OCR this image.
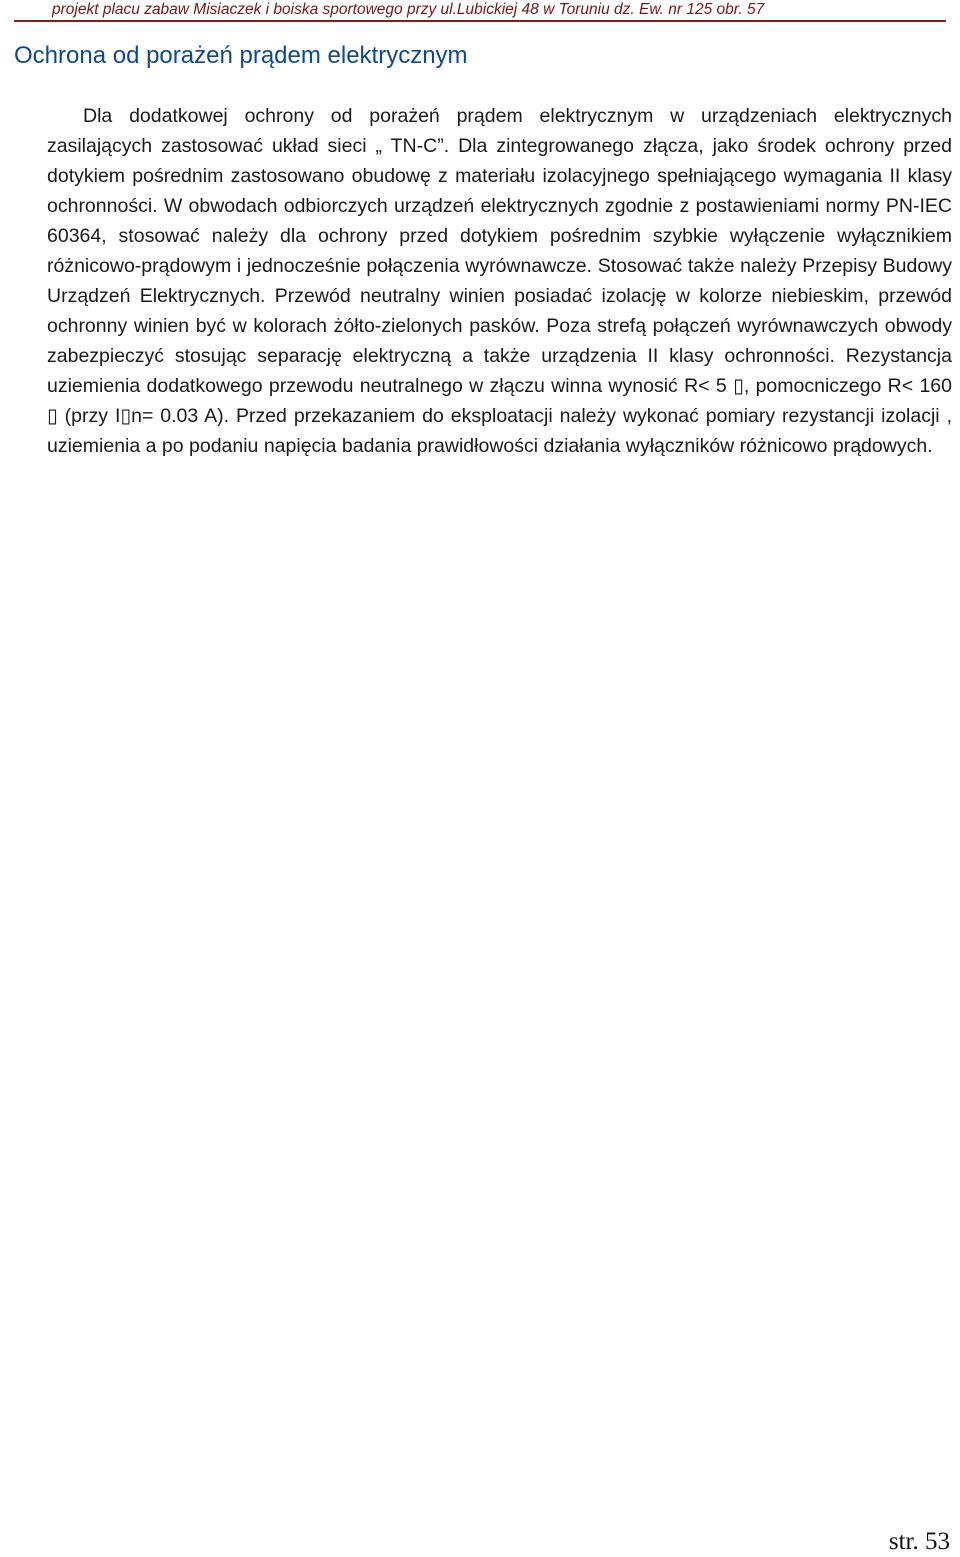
projekt placu zabaw Misiaczek i boiska sportowego przy ul.Lubickiej 48 w Toruniu dz. Ew. nr 125 obr. 57
Ochrona od porażeń prądem elektrycznym

Dla dodatkowej ochrony od porażeń prądem elektrycznym w urządzeniach elektrycznych zasilających zastosować układ sieci „ TN-C”. Dla zintegrowanego złącza, jako środek ochrony przed dotykiem pośrednim zastosowano obudowę z materiału izolacyjnego spełniającego wymagania II klasy ochronności. W obwodach odbiorczych urządzeń elektrycznych zgodnie z postawieniami normy PN-IEC 60364, stosować należy dla ochrony przed dotykiem pośrednim szybkie wyłączenie wyłącznikiem różnicowo-prądowym i jednocześnie połączenia wyrównawcze. Stosować także należy Przepisy Budowy Urządzeń Elektrycznych. Przewód neutralny winien posiadać izolację w kolorze niebieskim, przewód ochronny winien być w kolorach żółto-zielonych pasków. Poza strefą połączeń wyrównawczych obwody zabezpieczyć stosując separację elektryczną a także urządzenia II klasy ochronności. Rezystancja uziemienia dodatkowego przewodu neutralnego w złączu winna wynosić R< 5 ▯, pomocniczego R< 160 ▯ (przy I▯n= 0.03 A). Przed przekazaniem do eksploatacji należy wykonać pomiary rezystancji izolacji , uziemienia a po podaniu napięcia badania prawidłowości działania wyłączników różnicowo prądowych.

str. 53
